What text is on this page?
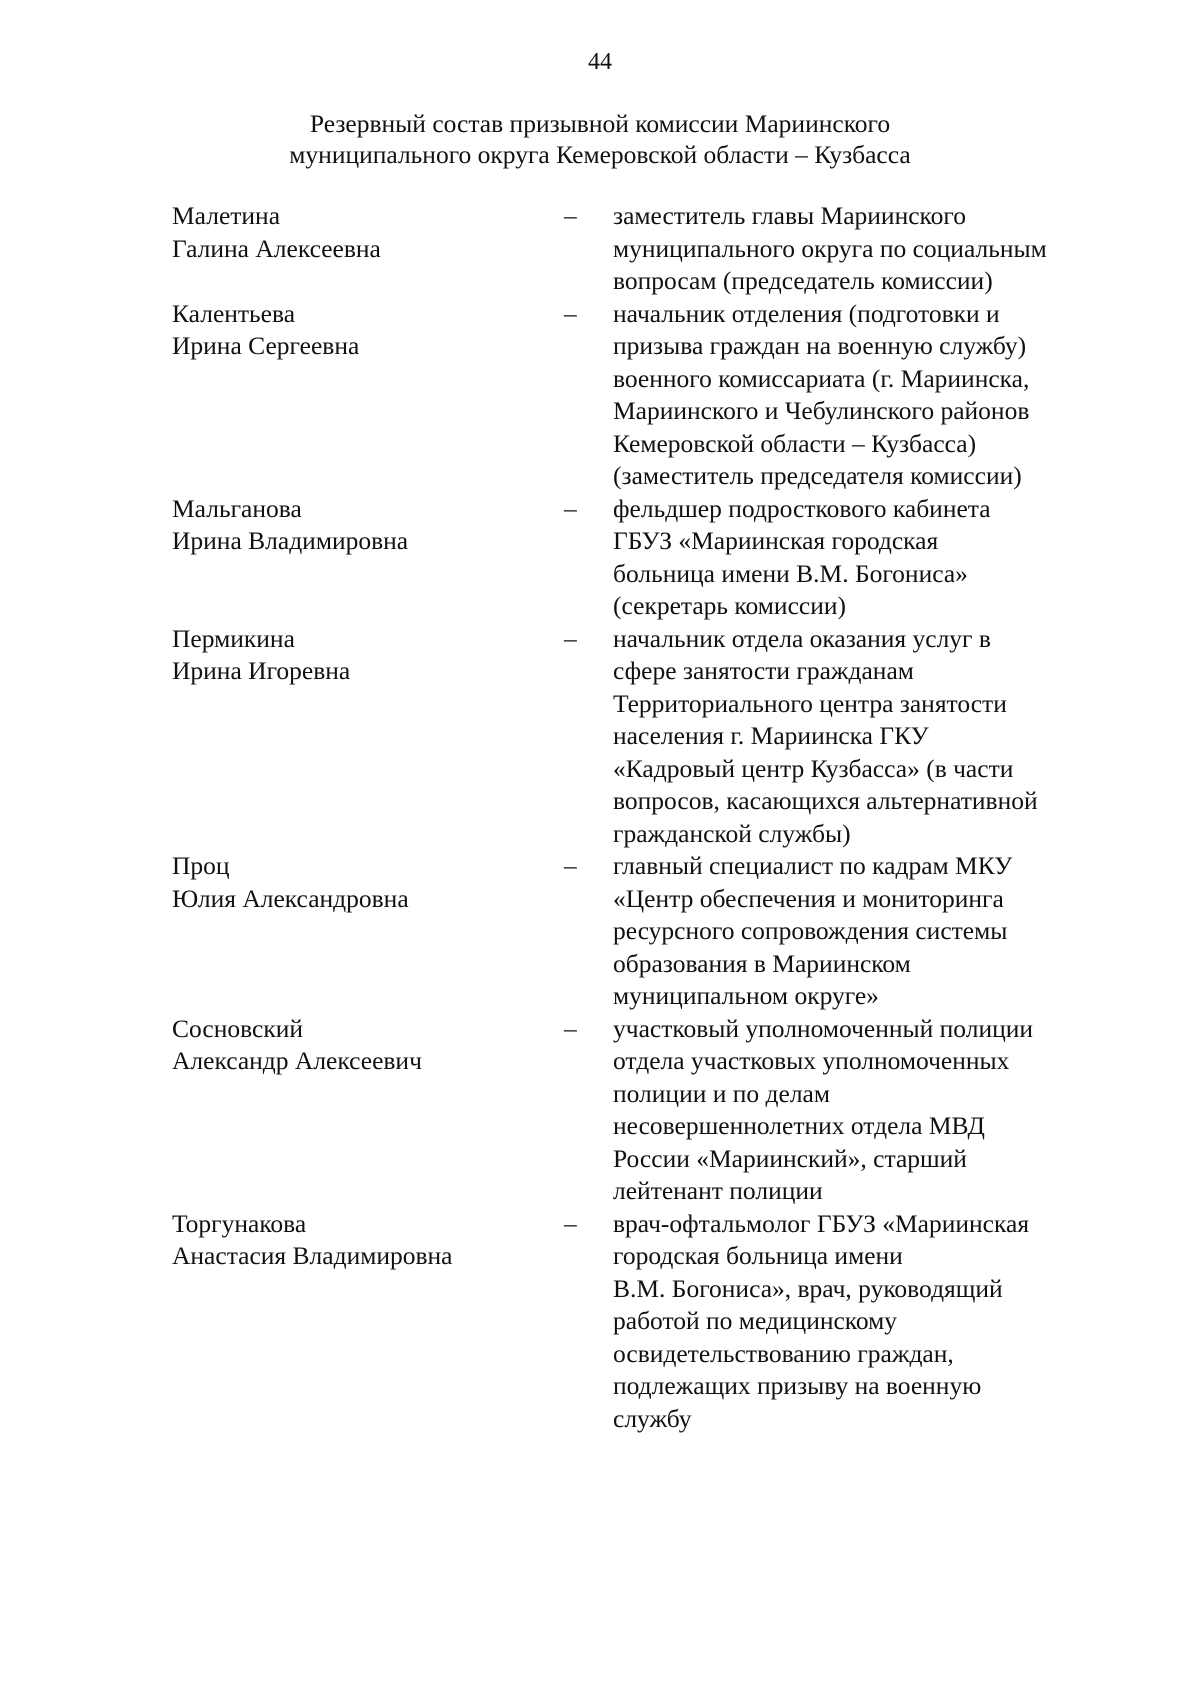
44
Резервный состав призывной комиссии Мариинского
муниципального округа Кемеровской области – Кузбасса
Малетина
Галина Алексеевна
–	заместитель главы Мариинского
муниципального округа по социальным
вопросам (председатель комиссии)
Калентьева
Ирина Сергеевна
–	начальник отделения (подготовки и
призыва граждан на военную службу)
военного комиссариата (г. Мариинска,
Мариинского и Чебулинского районов
Кемеровской области – Кузбасса)
(заместитель председателя комиссии)
Мальганова
Ирина Владимировна
–	фельдшер подросткового кабинета
ГБУЗ «Мариинская городская
больница имени В.М. Богониса»
(секретарь комиссии)
Пермикина
Ирина Игоревна
–	начальник отдела оказания услуг в
сфере занятости гражданам
Территориального центра занятости
населения г. Мариинска ГКУ
«Кадровый центр Кузбасса» (в части
вопросов, касающихся альтернативной
гражданской службы)
Проц
Юлия Александровна
–	главный специалист по кадрам МКУ
«Центр обеспечения и мониторинга
ресурсного сопровождения системы
образования в Мариинском
муниципальном округе»
Сосновский
Александр Алексеевич
–	участковый уполномоченный полиции
отдела участковых уполномоченных
полиции и по делам
несовершеннолетних отдела МВД
России «Мариинский», старший
лейтенант полиции
Торгунакова
Анастасия Владимировна
–	врач-офтальмолог ГБУЗ «Мариинская
городская больница имени
В.М. Богониса», врач, руководящий
работой по медицинскому
освидетельствованию граждан,
подлежащих призыву на военную
службу
